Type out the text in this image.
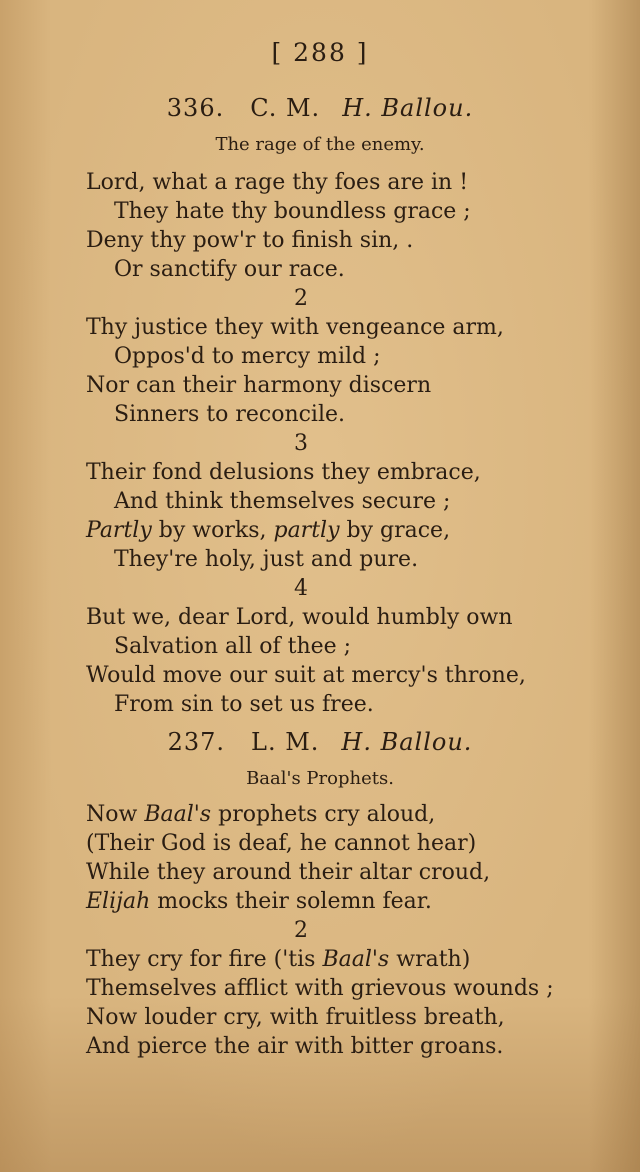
[ 288 ]
336. C. M. H. Ballou.
The rage of the enemy.
Lord, what a rage thy foes are in !
They hate thy boundless grace ;
Deny thy pow'r to finish sin, .
Or sanctify our race.
2
Thy justice they with vengeance arm,
Oppos'd to mercy mild ;
Nor can their harmony discern
Sinners to reconcile.
3
Their fond delusions they embrace,
And think themselves secure ;
Partly by works, partly by grace,
They're holy, just and pure.
4
But we, dear Lord, would humbly own
Salvation all of thee ;
Would move our suit at mercy's throne,
From sin to set us free.
237. L. M. H. Ballou.
Baal's Prophets.
Now Baal's prophets cry aloud,
(Their God is deaf, he cannot hear)
While they around their altar croud,
Elijah mocks their solemn fear.
2
They cry for fire ('tis Baal's wrath)
Themselves afflict with grievous wounds ;
Now louder cry, with fruitless breath,
And pierce the air with bitter groans.
